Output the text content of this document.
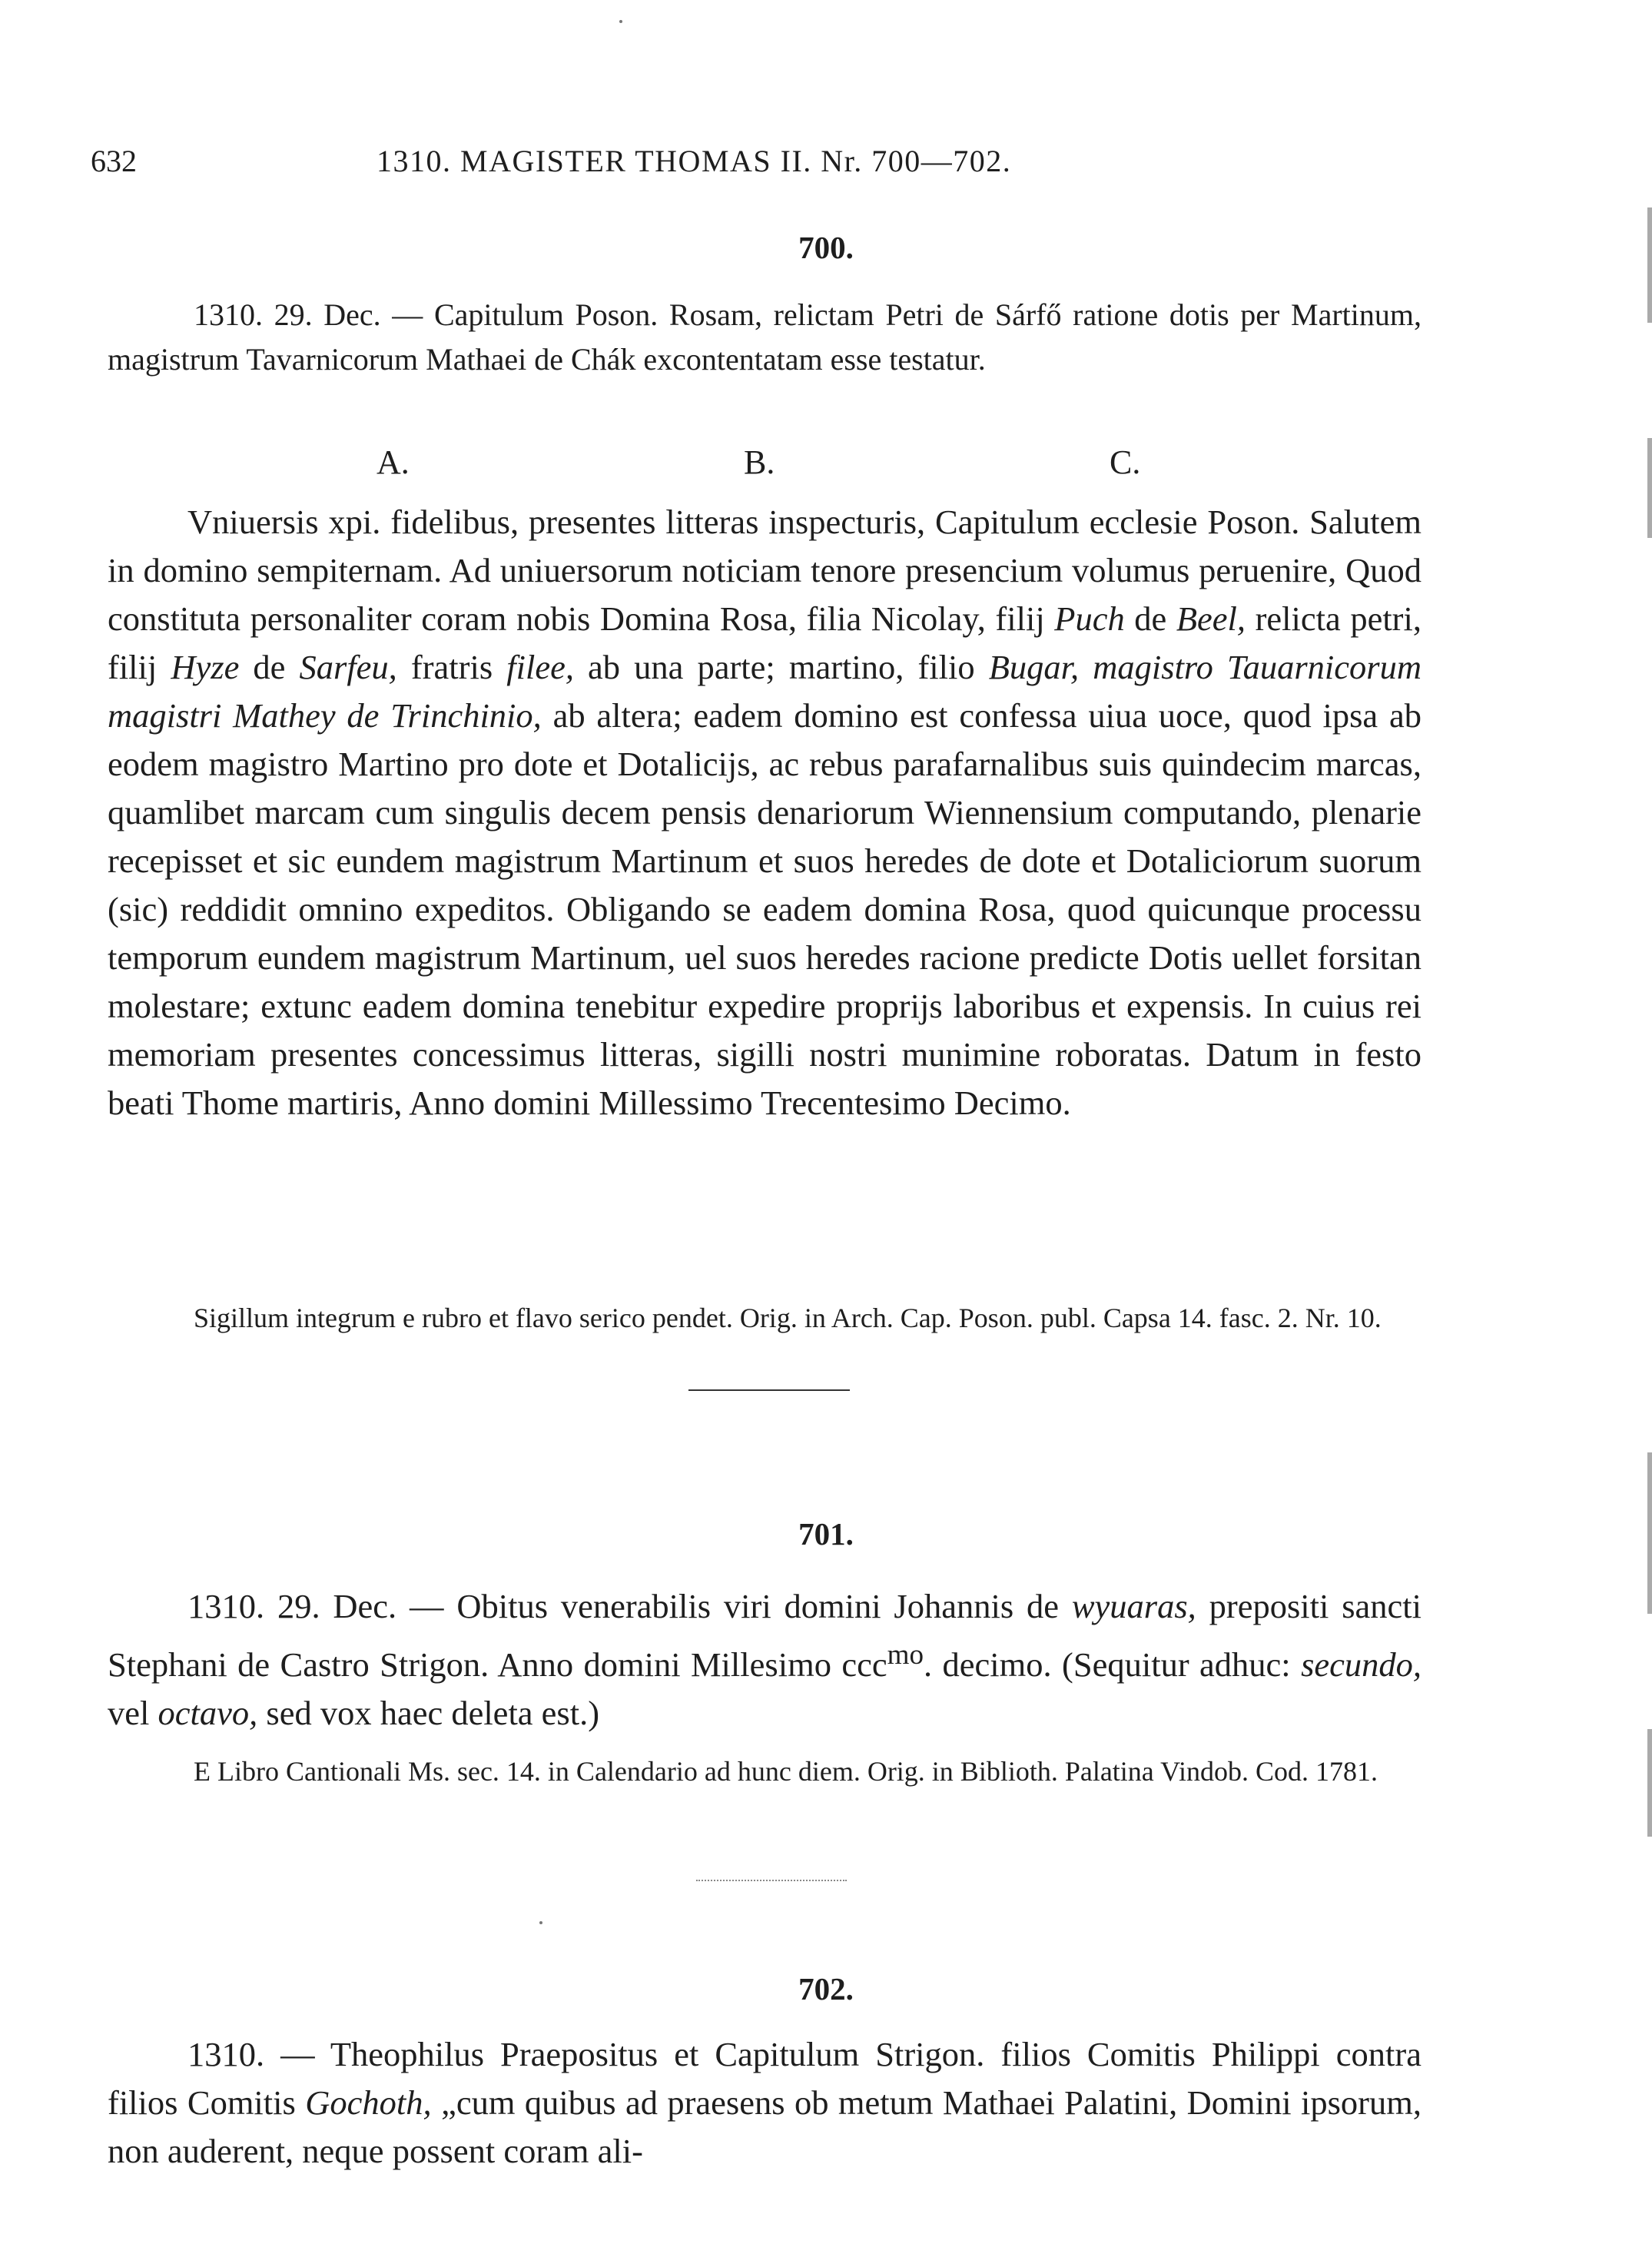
632	1310. MAGISTER THOMAS II. Nr. 700—702.
700.

1310. 29. Dec. — Capitulum Poson. Rosam, relictam Petri de Sárfő ratione dotis per Martinum, magistrum Tavarnicorum Mathaei de Chák excontentatam esse testatur.

A.	B.	C.

Vniuersis xpi. fidelibus, presentes litteras inspecturis, Capitulum ecclesie Poson. Salutem in domino sempiternam. Ad uniuersorum noticiam tenore presencium volumus peruenire, Quod constituta personaliter coram nobis Domina Rosa, filia Nicolay, filij Puch de Beel, relicta petri, filij Hyze de Sarfeu, fratris filee, ab una parte; martino, filio Bugar, magistro Tauarnicorum magistri Mathey de Trinchinio, ab altera; eadem domino est confessa uiua uoce, quod ipsa ab eodem magistro Martino pro dote et Dotalicijs, ac rebus parafarnalibus suis quindecim marcas, quamlibet marcam cum singulis decem pensis denariorum Wiennensium computando, plenarie recepisset et sic eundem magistrum Martinum et suos heredes de dote et Dotaliciorum suorum (sic) reddidit omnino expeditos. Obligando se eadem domina Rosa, quod quicunque processu temporum eundem magistrum Martinum, uel suos heredes racione predicte Dotis uellet forsitan molestare; extunc eadem domina tenebitur expedire proprijs laboribus et expensis. In cuius rei memoriam presentes concessimus litteras, sigilli nostri munimine roboratas. Datum in festo beati Thome martiris, Anno domini Millessimo Trecentesimo Decimo.

Sigillum integrum e rubro et flavo serico pendet. Orig. in Arch. Cap. Poson. publ. Capsa 14. fasc. 2. Nr. 10.

701.

1310. 29. Dec. — Obitus venerabilis viri domini Johannis de wyuaras, prepositi sancti Stephani de Castro Strigon. Anno domini Millesimo ccc$^{mo}$. decimo. (Sequitur adhuc: secundo, vel octavo, sed vox haec deleta est.)

E Libro Cantionali Ms. sec. 14. in Calendario ad hunc diem. Orig. in Biblioth. Palatina Vindob. Cod. 1781.

702.

1310. — Theophilus Praepositus et Capitulum Strigon. filios Comitis Philippi contra filios Comitis Gochoth, „cum quibus ad praesens ob metum Mathaei Palatini, Domini ipsorum, non auderent, neque possent coram ali-
